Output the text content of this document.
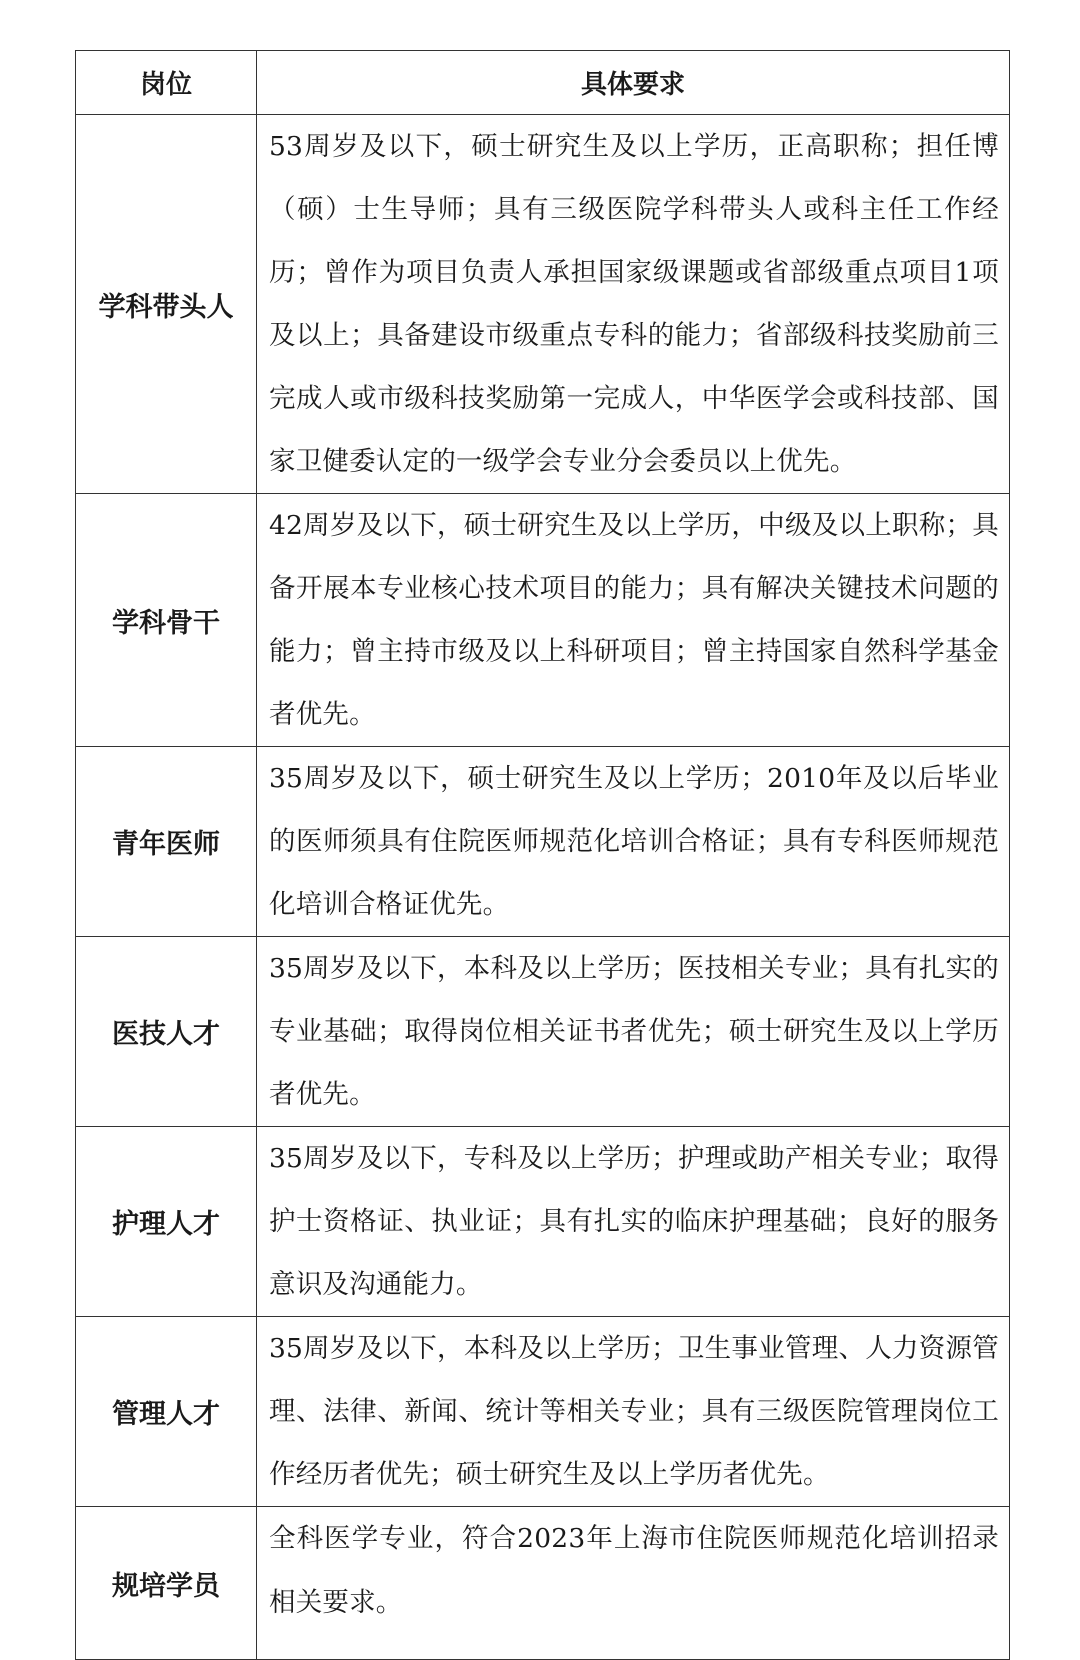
岗位	具体要求
学科带头人	53周岁及以下，硕士研究生及以上学历，正高职称；担任博（硕）士生导师；具有三级医院学科带头人或科主任工作经历；曾作为项目负责人承担国家级课题或省部级重点项目1项及以上；具备建设市级重点专科的能力；省部级科技奖励前三完成人或市级科技奖励第一完成人，中华医学会或科技部、国家卫健委认定的一级学会专业分会委员以上优先。
学科骨干	42周岁及以下，硕士研究生及以上学历，中级及以上职称；具备开展本专业核心技术项目的能力；具有解决关键技术问题的能力；曾主持市级及以上科研项目；曾主持国家自然科学基金者优先。
青年医师	35周岁及以下，硕士研究生及以上学历；2010年及以后毕业的医师须具有住院医师规范化培训合格证；具有专科医师规范化培训合格证优先。
医技人才	35周岁及以下，本科及以上学历；医技相关专业；具有扎实的专业基础；取得岗位相关证书者优先；硕士研究生及以上学历者优先。
护理人才	35周岁及以下，专科及以上学历；护理或助产相关专业；取得护士资格证、执业证；具有扎实的临床护理基础；良好的服务意识及沟通能力。
管理人才	35周岁及以下，本科及以上学历；卫生事业管理、人力资源管理、法律、新闻、统计等相关专业；具有三级医院管理岗位工作经历者优先；硕士研究生及以上学历者优先。
规培学员	全科医学专业，符合2023年上海市住院医师规范化培训招录相关要求。
